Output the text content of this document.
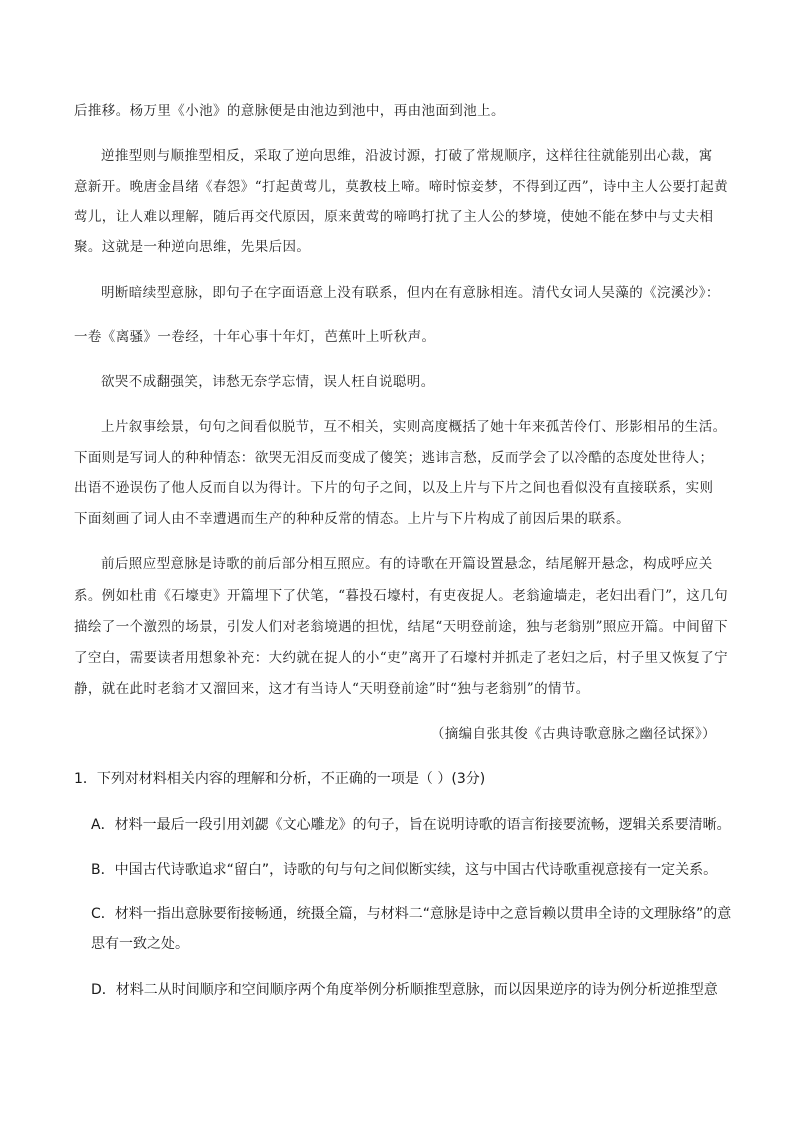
后推移。杨万里《小池》的意脉便是由池边到池中，再由池面到池上。
逆推型则与顺推型相反，采取了逆向思维，沿波讨源，打破了常规顺序，这样往往就能别出心裁，寓
意新开。晚唐金昌绪《春怨》“打起黄莺儿，莫教枝上啼。啼时惊妾梦，不得到辽西”，诗中主人公要打起黄
莺儿，让人难以理解，随后再交代原因，原来黄莺的啼鸣打扰了主人公的梦境，使她不能在梦中与丈夫相
聚。这就是一种逆向思维，先果后因。
明断暗续型意脉，即句子在字面语意上没有联系，但内在有意脉相连。清代女词人吴藻的《浣溪沙》：
一卷《离骚》一卷经，十年心事十年灯，芭蕉叶上听秋声。
欲哭不成翻强笑，讳愁无奈学忘情，误人枉自说聪明。
上片叙事绘景，句句之间看似脱节，互不相关，实则高度概括了她十年来孤苦伶仃、形影相吊的生活。
下面则是写词人的种种情态：欲哭无泪反而变成了傻笑；逃讳言愁，反而学会了以冷酷的态度处世待人；
出语不逊误伤了他人反而自以为得计。下片的句子之间，以及上片与下片之间也看似没有直接联系，实则
下面刻画了词人由不幸遭遇而生产的种种反常的情态。上片与下片构成了前因后果的联系。
前后照应型意脉是诗歌的前后部分相互照应。有的诗歌在开篇设置悬念，结尾解开悬念，构成呼应关
系。例如杜甫《石壕吏》开篇埋下了伏笔，“暮投石壕村，有吏夜捉人。老翁逾墙走，老妇出看门”，这几句
描绘了一个激烈的场景，引发人们对老翁境遇的担忧，结尾“天明登前途，独与老翁别”照应开篇。中间留下
了空白，需要读者用想象补充：大约就在捉人的小“吏”离开了石壕村并抓走了老妇之后，村子里又恢复了宁
静，就在此时老翁才又溜回来，这才有当诗人“天明登前途”时“独与老翁别”的情节。
（摘编自张其俊《古典诗歌意脉之幽径试探》）
1．下列对材料相关内容的理解和分析，不正确的一项是（ ）(3分)
A．材料一最后一段引用刘勰《文心雕龙》的句子，旨在说明诗歌的语言衔接要流畅，逻辑关系要清晰。
B．中国古代诗歌追求“留白”，诗歌的句与句之间似断实续，这与中国古代诗歌重视意接有一定关系。
C．材料一指出意脉要衔接畅通，统摄全篇，与材料二“意脉是诗中之意旨赖以贯串全诗的文理脉络”的意
思有一致之处。
D．材料二从时间顺序和空间顺序两个角度举例分析顺推型意脉，而以因果逆序的诗为例分析逆推型意
